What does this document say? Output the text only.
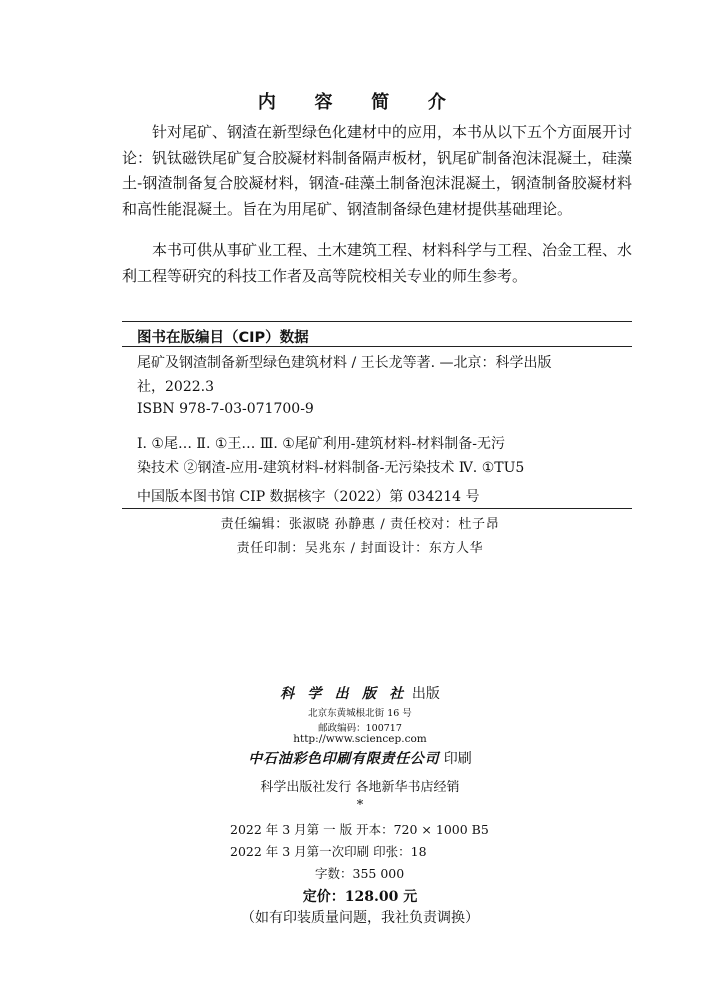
内 容 简 介

针对尾矿、钢渣在新型绿色化建材中的应用，本书从以下五个方面展开讨论：钒钛磁铁尾矿复合胶凝材料制备隔声板材，钒尾矿制备泡沫混凝土，硅藻土-钢渣制备复合胶凝材料，钢渣-硅藻土制备泡沫混凝土，钢渣制备胶凝材料和高性能混凝土。旨在为用尾矿、钢渣制备绿色建材提供基础理论。

本书可供从事矿业工程、土木建筑工程、材料科学与工程、冶金工程、水利工程等研究的科技工作者及高等院校相关专业的师生参考。

图书在版编目（CIP）数据
尾矿及钢渣制备新型绿色建筑材料 / 王长龙等著. —北京：科学出版
社，2022.3
ISBN 978-7-03-071700-9
Ⅰ. ①尾… Ⅱ. ①王… Ⅲ. ①尾矿利用-建筑材料-材料制备-无污
染技术 ②钢渣-应用-建筑材料-材料制备-无污染技术 Ⅳ. ①TU5
中国版本图书馆 CIP 数据核字（2022）第 034214 号
责任编辑：张淑晓 孙静惠 / 责任校对：杜子昂
责任印制：吴兆东 / 封面设计：东方人华
科 学 出 版 社 出版
北京东黄城根北街 16 号
邮政编码：100717
http://www.sciencep.com
中石油彩色印刷有限责任公司 印刷
科学出版社发行 各地新华书店经销
*
2022 年 3 月第 一 版 开本：720 × 1000 B5
2022 年 3 月第一次印刷 印张：18
字数：355 000
定价：128.00 元
（如有印装质量问题，我社负责调换）
